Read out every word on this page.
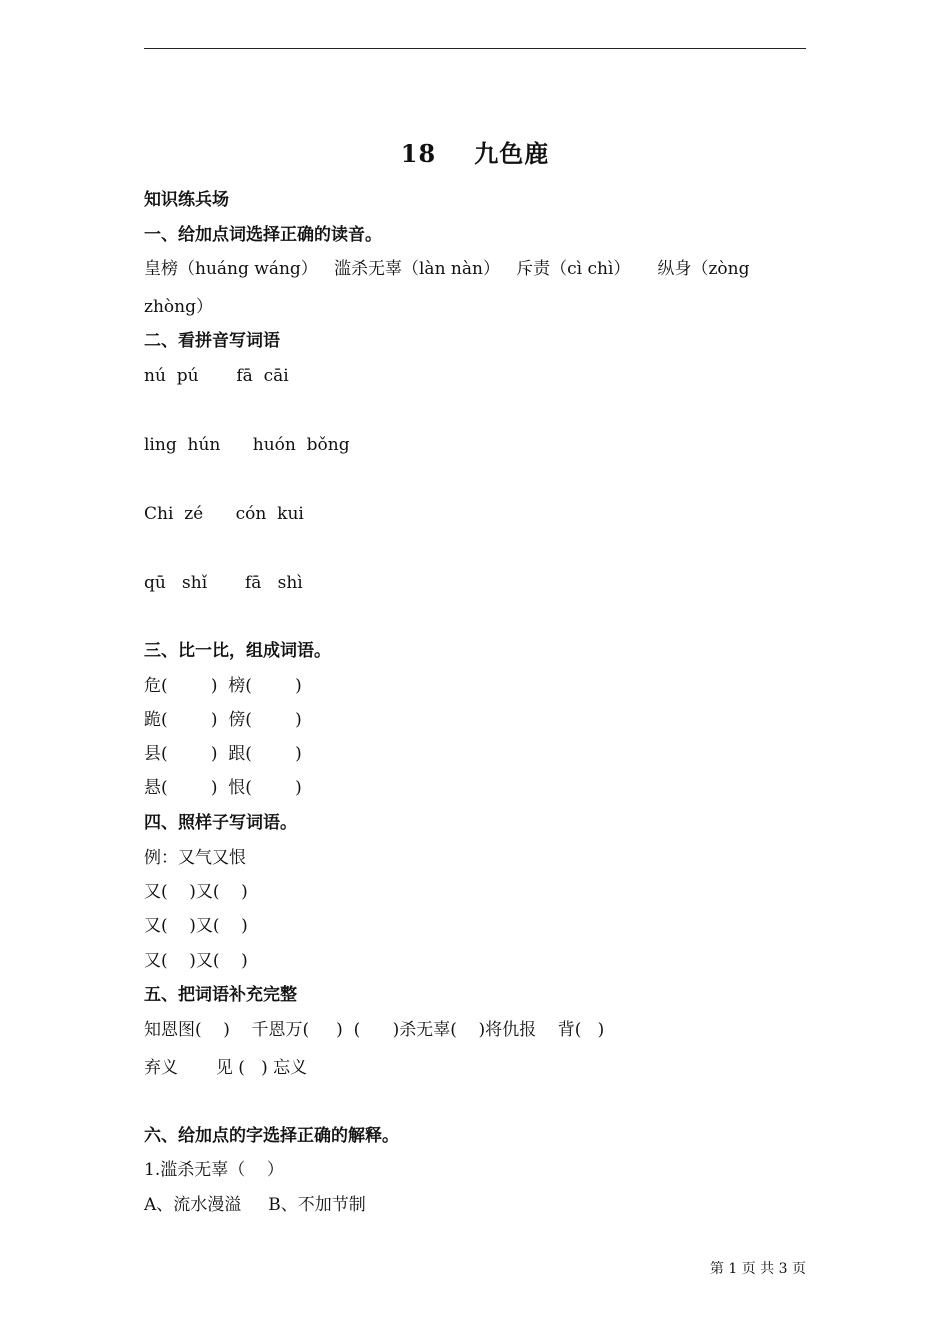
18 九色鹿
知识练兵场
一、给加点词选择正确的读音。
皇榜（huáng wáng）   滥杀无辜（làn nàn）   斥责（cì chì）     纵身（zòng
zhòng）
二、看拼音写词语
nú  pú       fā  cāi
ling  hún      huón  bǒng
Chi  zé      cón  kui
qū   shǐ       fā   shì
三、比一比，组成词语。
危(        )  榜(        )
跪(        )  傍(        )
县(        )  跟(        )
悬(        )  恨(        )
四、照样子写词语。
例：又气又恨
又(    )又(    )
又(    )又(    )
又(    )又(    )
五、把词语补充完整
知恩图(    )    千恩万(     )  (      )杀无辜(    )将仇报    背(   )
弃义       见 (   ) 忘义
六、给加点的字选择正确的解释。
1.滥杀无辜（    ）
A、流水漫溢     B、不加节制
第 1 页 共 3 页
